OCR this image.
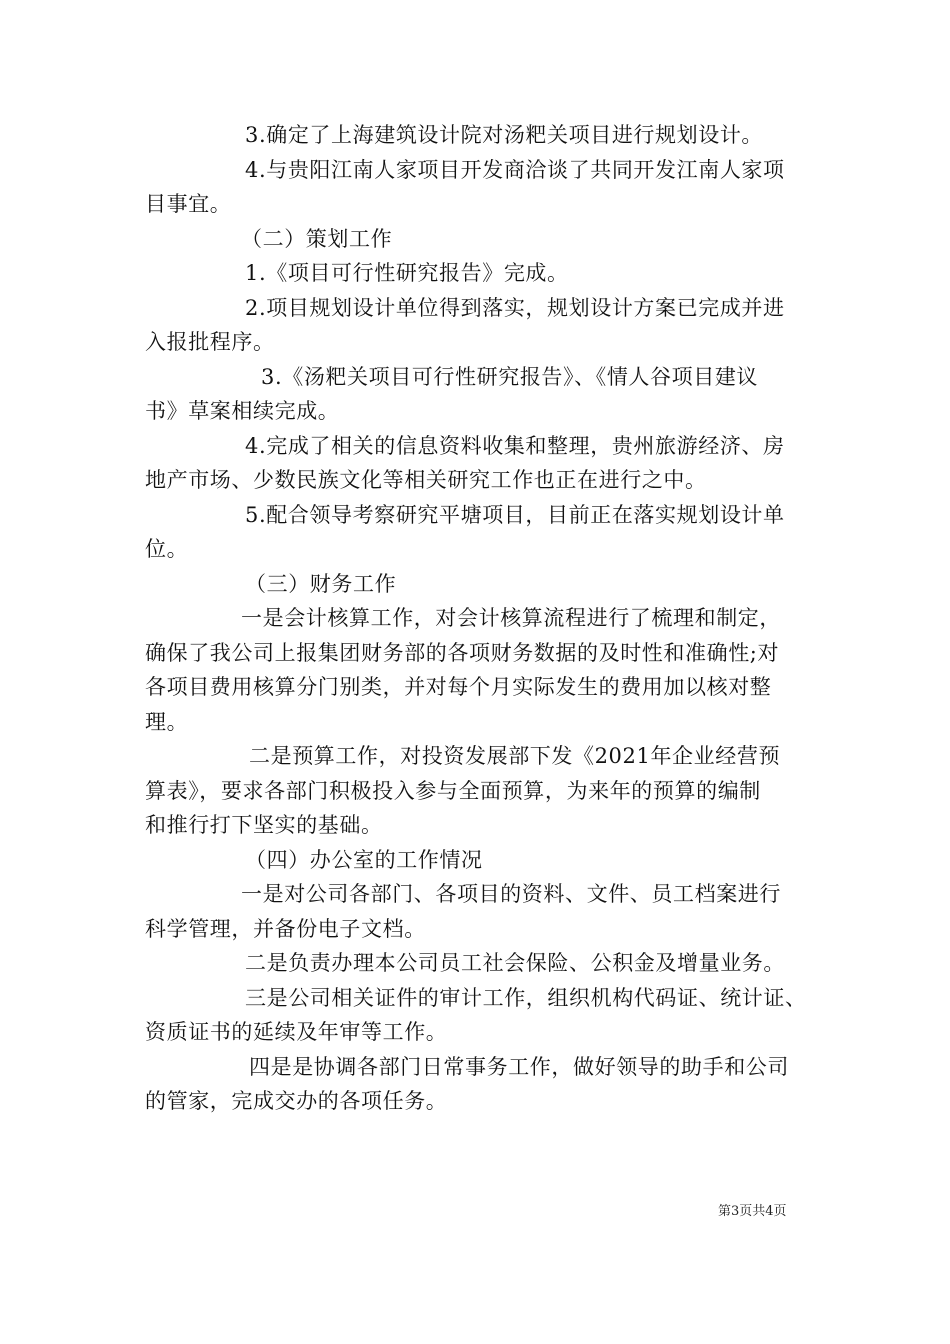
3.确定了上海建筑设计院对汤粑关项目进行规划设计。
4.与贵阳江南人家项目开发商洽谈了共同开发江南人家项
目事宜。
（二）策划工作
1.《项目可行性研究报告》完成。
2.项目规划设计单位得到落实，规划设计方案已完成并进
入报批程序。
3.《汤粑关项目可行性研究报告》、《情人谷项目建议
书》草案相续完成。
4.完成了相关的信息资料收集和整理，贵州旅游经济、房
地产市场、少数民族文化等相关研究工作也正在进行之中。
5.配合领导考察研究平塘项目，目前正在落实规划设计单
位。
（三）财务工作
一是会计核算工作，对会计核算流程进行了梳理和制定，
确保了我公司上报集团财务部的各项财务数据的及时性和准确性;对
各项目费用核算分门别类，并对每个月实际发生的费用加以核对整
理。
二是预算工作，对投资发展部下发《2021年企业经营预
算表》，要求各部门积极投入参与全面预算，为来年的预算的编制
和推行打下坚实的基础。
（四）办公室的工作情况
一是对公司各部门、各项目的资料、文件、员工档案进行
科学管理，并备份电子文档。
二是负责办理本公司员工社会保险、公积金及增量业务。
三是公司相关证件的审计工作，组织机构代码证、统计证、
资质证书的延续及年审等工作。
四是是协调各部门日常事务工作，做好领导的助手和公司
的管家，完成交办的各项任务。
第3页共4页
